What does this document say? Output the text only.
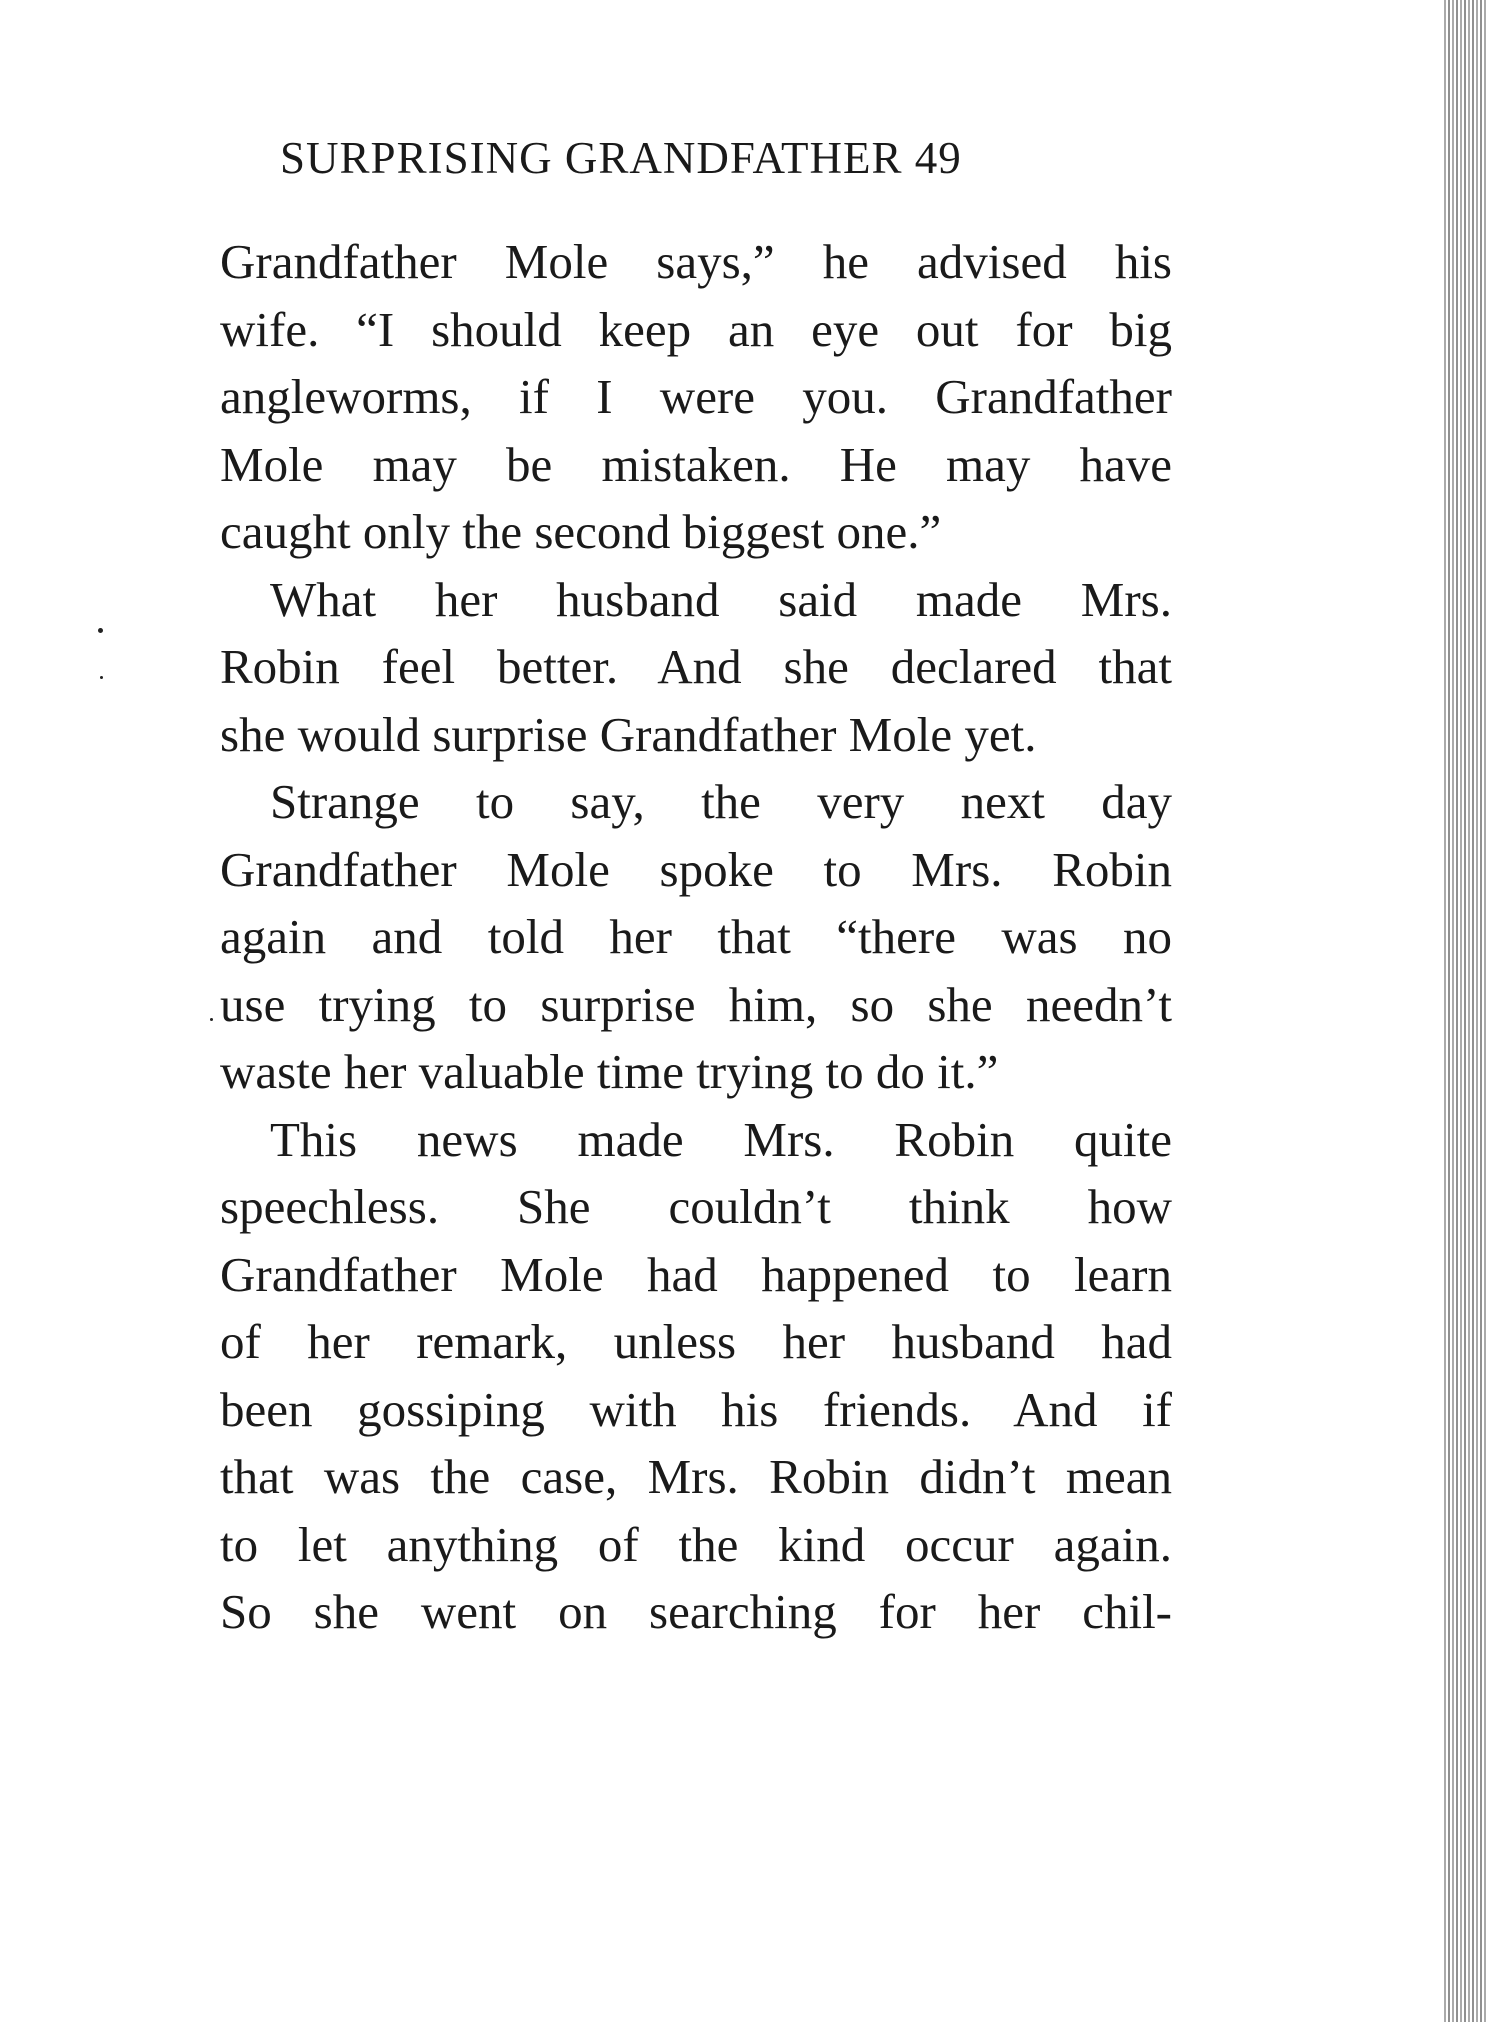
SURPRISING GRANDFATHER 49
Grandfather Mole says,” he advised his
wife. “I should keep an eye out for big
angleworms, if I were you. Grandfather
Mole may be mistaken. He may have
caught only the second biggest one.”
What her husband said made Mrs.
Robin feel better. And she declared that
she would surprise Grandfather Mole yet.
Strange to say, the very next day
Grandfather Mole spoke to Mrs. Robin
again and told her that “there was no
use trying to surprise him, so she needn’t
waste her valuable time trying to do it.”
This news made Mrs. Robin quite
speechless. She couldn’t think how
Grandfather Mole had happened to learn
of her remark, unless her husband had
been gossiping with his friends. And if
that was the case, Mrs. Robin didn’t mean
to let anything of the kind occur again.
So she went on searching for her chil-
